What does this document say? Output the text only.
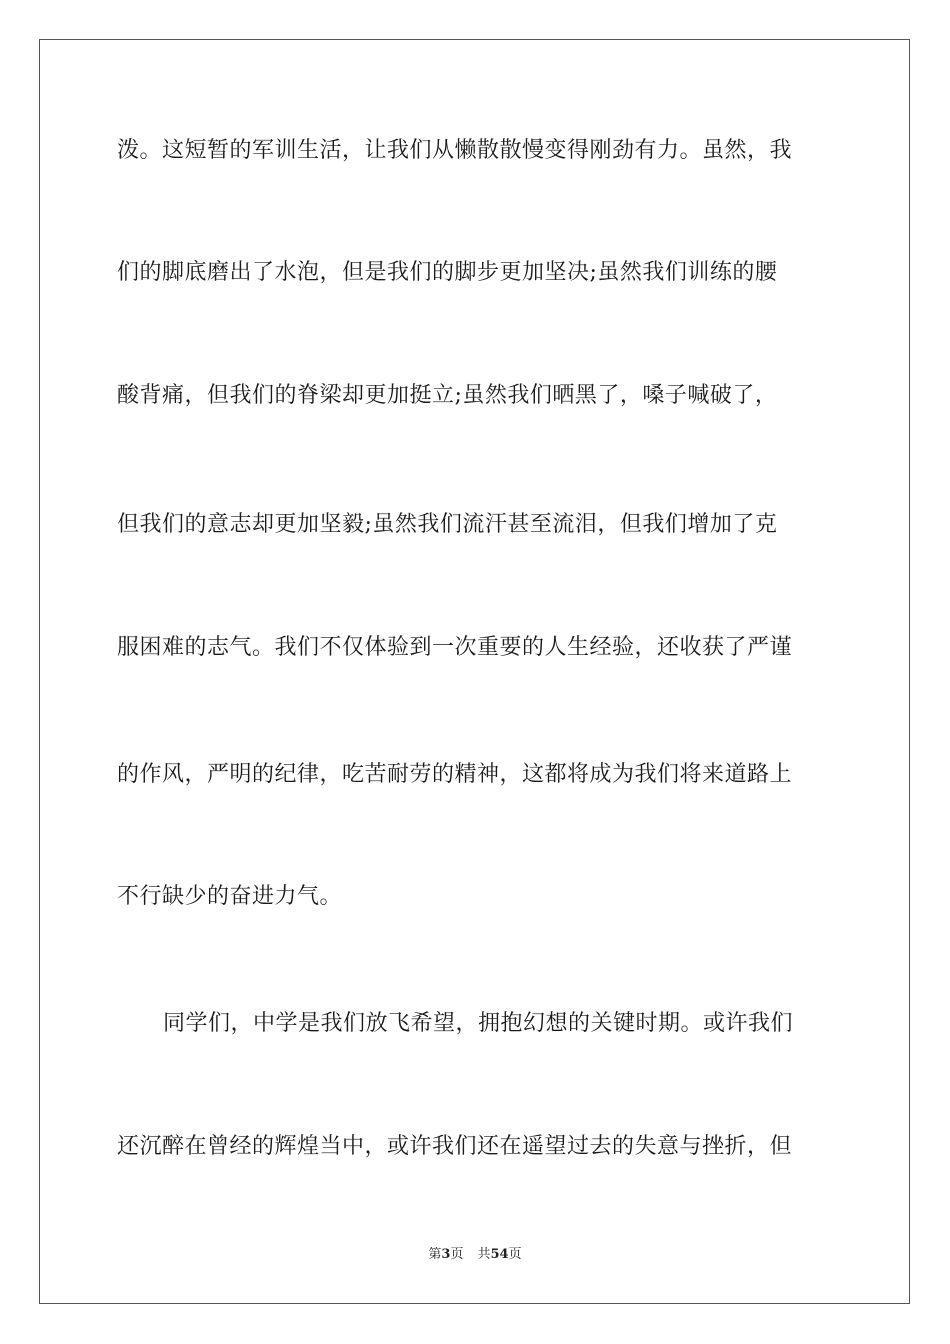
泼。这短暂的军训生活，让我们从懒散散慢变得刚劲有力。虽然，我
们的脚底磨出了水泡，但是我们的脚步更加坚决;虽然我们训练的腰
酸背痛，但我们的脊梁却更加挺立;虽然我们晒黑了，嗓子喊破了，
但我们的意志却更加坚毅;虽然我们流汗甚至流泪，但我们增加了克
服困难的志气。我们不仅体验到一次重要的人生经验，还收获了严谨
的作风，严明的纪律，吃苦耐劳的精神，这都将成为我们将来道路上
不行缺少的奋进力气。
同学们，中学是我们放飞希望，拥抱幻想的关键时期。或许我们
还沉醉在曾经的辉煌当中，或许我们还在遥望过去的失意与挫折，但
第3页 共54页
